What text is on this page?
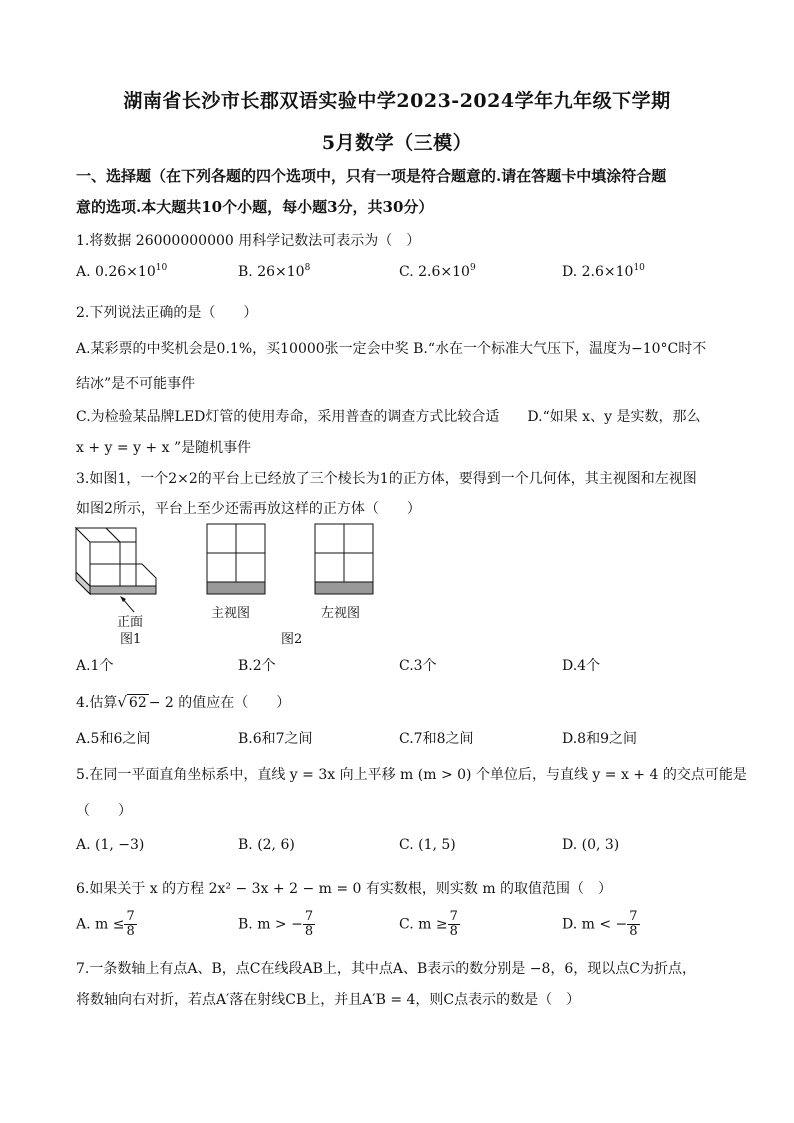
湖南省长沙市长郡双语实验中学2023-2024学年九年级下学期
5月数学（三模）
一、选择题（在下列各题的四个选项中，只有一项是符合题意的.请在答题卡中填涂符合题
意的选项.本大题共10个小题，每小题3分，共30分）
1.将数据 26000000000 用科学记数法可表示为（　）
A. $0.26\times 10^{10}$	B. $26\times 10^8$	C. $2.6\times 10^9$	D. $2.6\times 10^{10}$
2.下列说法正确的是（　　）
A.某彩票的中奖机会是0.1%，买10000张一定会中奖 B.“水在一个标准大气压下，温度为−10°C时不
结冰”是不可能事件
C.为检验某品牌LED灯管的使用寿命，采用普查的调查方式比较合适　　D.“如果 x、y 是实数，那么
x + y = y + x ”是随机事件
3.如图1，一个2×2的平台上已经放了三个棱长为1的正方体，要得到一个几何体，其主视图和左视图
如图2所示，平台上至少还需再放这样的正方体（　　）
正面
图1
主视图	左视图
图2
A.1个	B.2个	C.3个	D.4个
4.估算√ 62 − 2 的值应在（　　）
A.5和6之间	B.6和7之间	C.7和8之间	D.8和9之间
5.在同一平面直角坐标系中，直线 y = 3x 向上平移 m (m > 0) 个单位后，与直线 y = x + 4 的交点可能是
（　　）
A. (1, −3)	B. (2, 6)	C. (1, 5)	D. (0, 3)
6.如果关于 x 的方程 2x² − 3x + 2 − m = 0 有实数根，则实数 m 的取值范围（　）
A. $m \le \frac{7}{8}$	B. m > − $\frac{7}{8}$	C. $m \ge \frac{7}{8}$	D. m < − $\frac{7}{8}$
7.一条数轴上有点A、B，点C在线段AB上，其中点A、B表示的数分别是 −8，6，现以点C为折点，
将数轴向右对折，若点A′落在射线CB上，并且A′B = 4，则C点表示的数是（　）
